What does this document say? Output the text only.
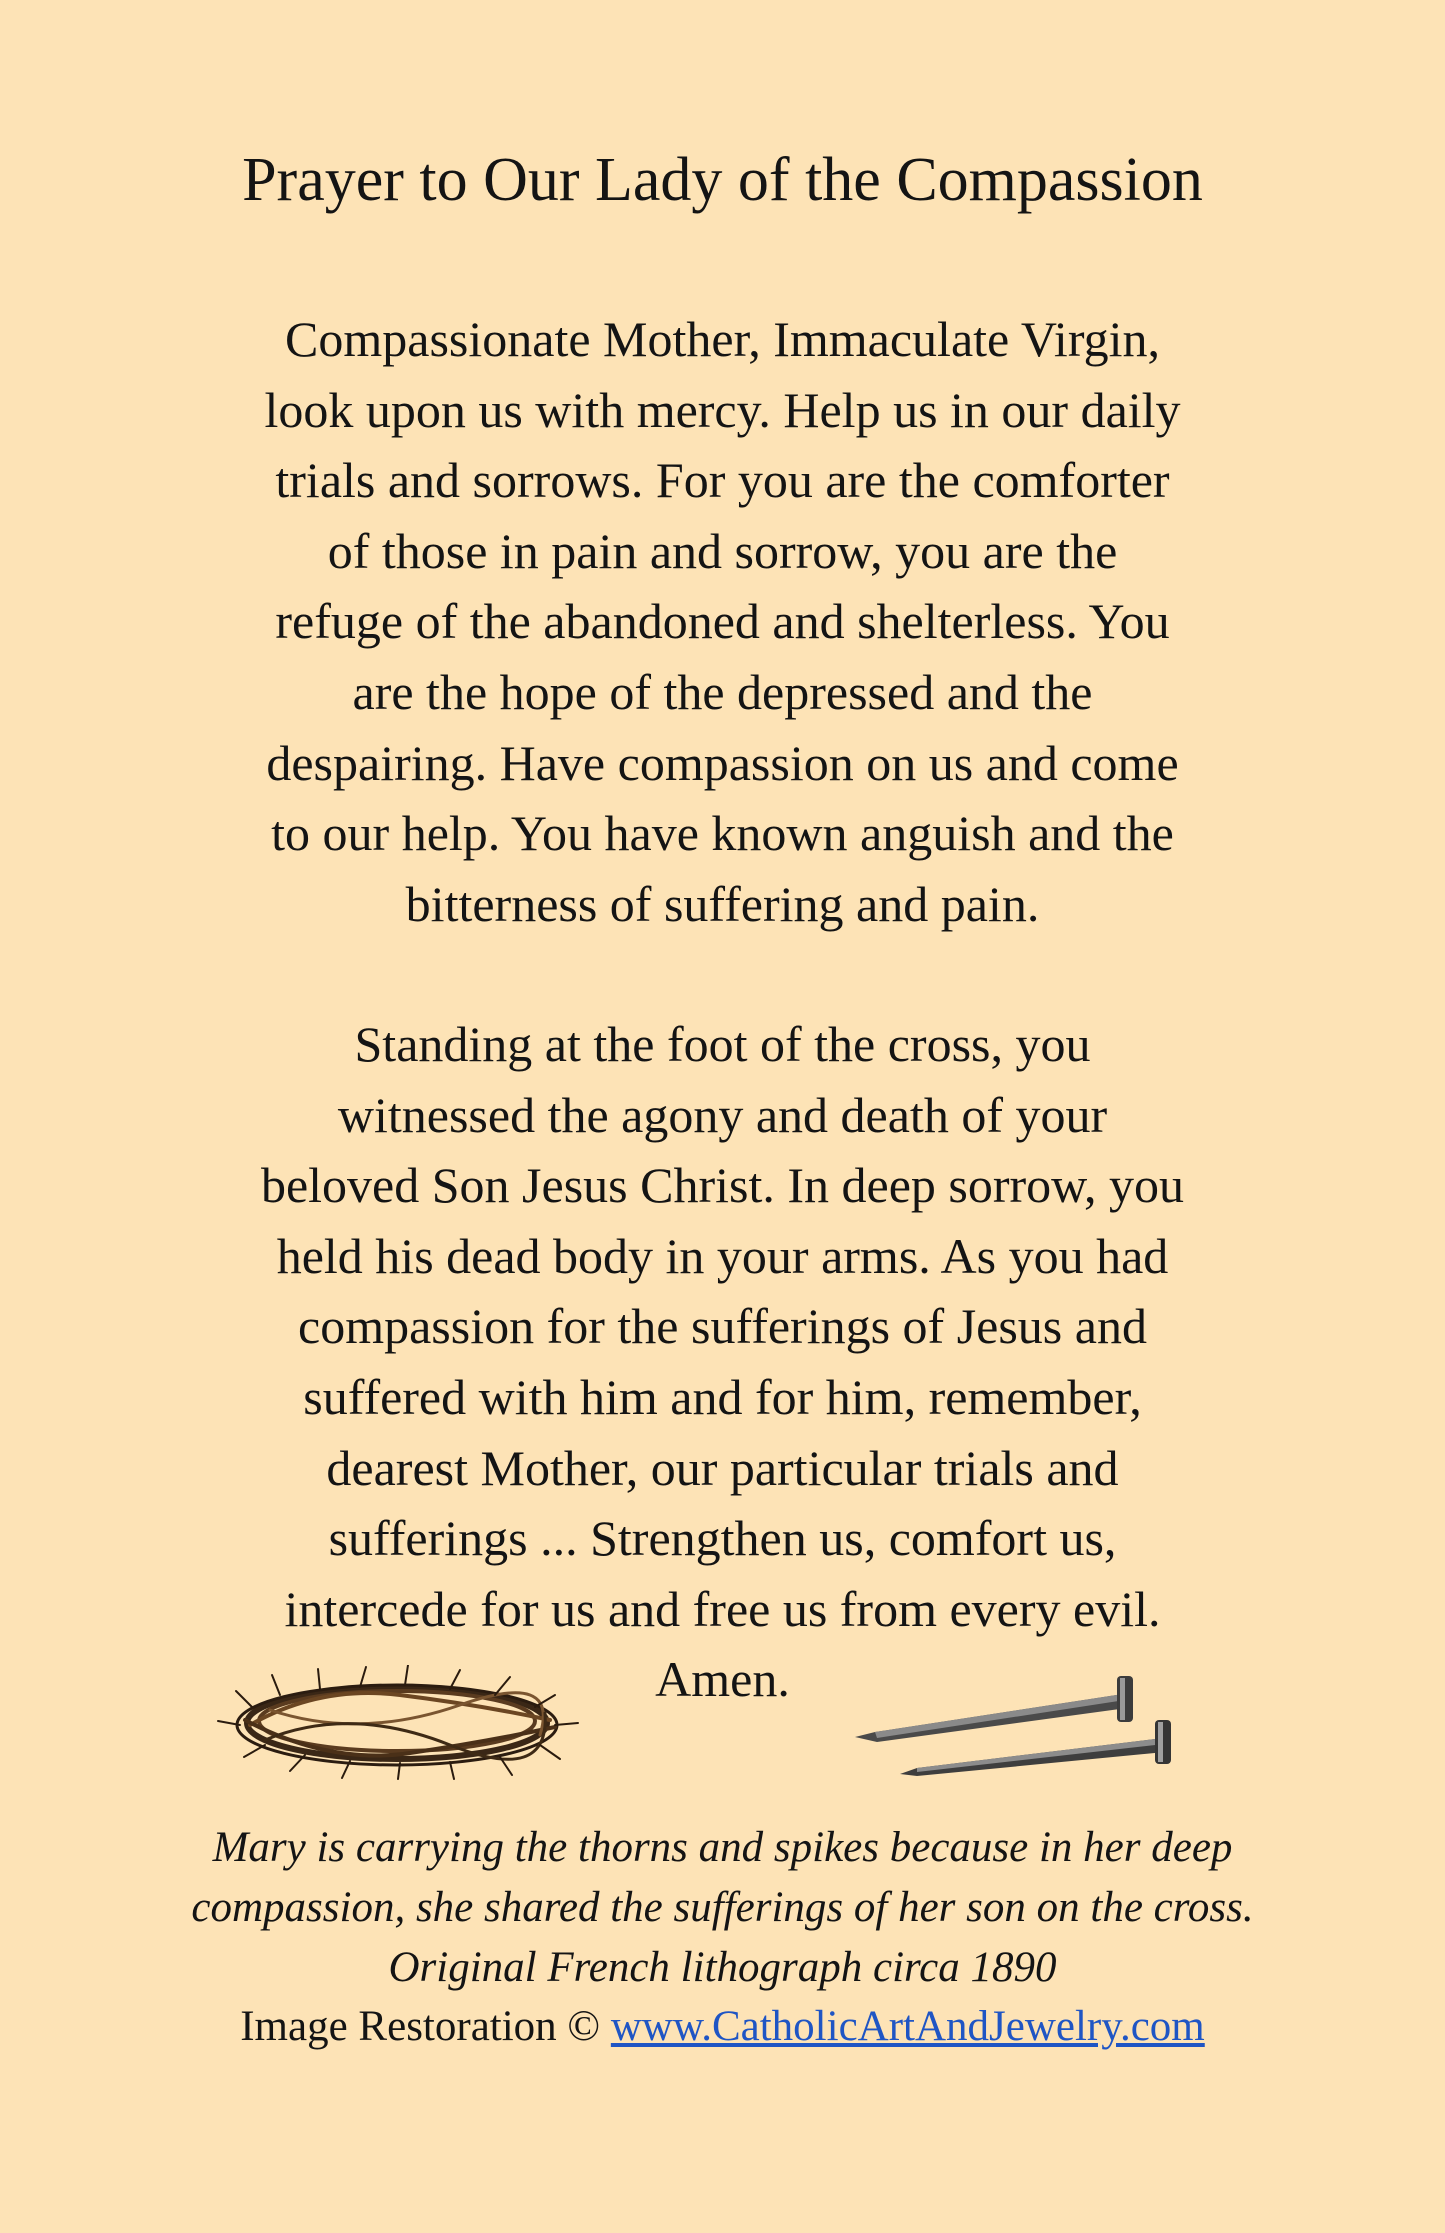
Prayer to Our Lady of the Compassion

Compassionate Mother, Immaculate Virgin,
look upon us with mercy. Help us in our daily
trials and sorrows. For you are the comforter
of those in pain and sorrow, you are the
refuge of the abandoned and shelterless. You
are the hope of the depressed and the
despairing. Have compassion on us and come
to our help. You have known anguish and the
bitterness of suffering and pain.

Standing at the foot of the cross, you
witnessed the agony and death of your
beloved Son Jesus Christ. In deep sorrow, you
held his dead body in your arms. As you had
compassion for the sufferings of Jesus and
suffered with him and for him, remember,
dearest Mother, our particular trials and
sufferings ... Strengthen us, comfort us,
intercede for us and free us from every evil.
Amen.

Mary is carrying the thorns and spikes because in her deep
compassion, she shared the sufferings of her son on the cross.
Original French lithograph circa 1890
Image Restoration © www.CatholicArtAndJewelry.com
